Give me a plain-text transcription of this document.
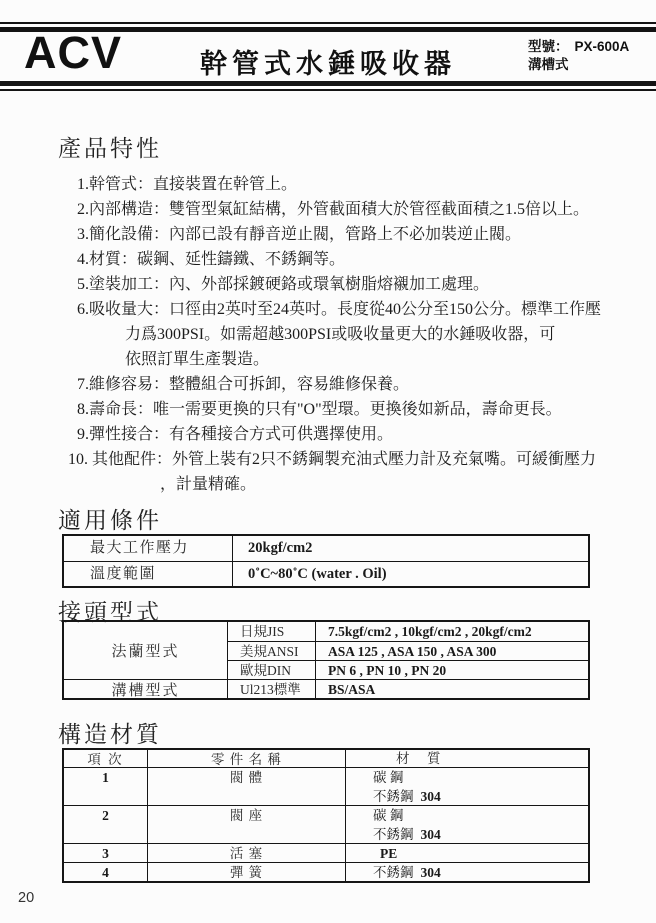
ACV	幹管式水錘吸收器
型號： PX-600A
溝槽式
產品特性
1.幹管式：直接裝置在幹管上。
2.內部構造：雙管型氣缸結構，外管截面積大於管徑截面積之1.5倍以上。
3.簡化設備：內部已設有靜音逆止閥，管路上不必加裝逆止閥。
4.材質：碳鋼、延性鑄鐵、不銹鋼等。
5.塗裝加工：內、外部採鍍硬鉻或環氧樹脂熔襯加工處理。
6.吸收量大：口徑由2英吋至24英吋。長度從40公分至150公分。標準工作壓
力爲300PSI。如需超越300PSI或吸收量更大的水錘吸收器，可
依照訂單生產製造。
7.維修容易：整體組合可拆卸，容易維修保養。
8.壽命長：唯一需要更換的只有"O"型環。更換後如新品，壽命更長。
9.彈性接合：有各種接合方式可供選擇使用。
10. 其他配件：外管上裝有2只不銹鋼製充油式壓力計及充氣嘴。可緩衝壓力
，計量精確。
適用條件
最大工作壓力	20kgf/cm2
溫度範圍	0˚C~80˚C (water . Oil)
接頭型式
法蘭型式
日規JIS	7.5kgf/cm2 , 10kgf/cm2 , 20kgf/cm2
美規ANSI	ASA 125 , ASA 150 , ASA 300
歐規DIN	PN 6 , PN 10 , PN 20
溝槽型式	Ul213標準	BS/ASA
構造材質
項 次	零 件 名 稱	材　質
1	閥 體	碳 鋼
不銹鋼 304
2	閥 座	碳 鋼
不銹鋼 304
3	活 塞	PE
4	彈 簧	不銹鋼 304
20
